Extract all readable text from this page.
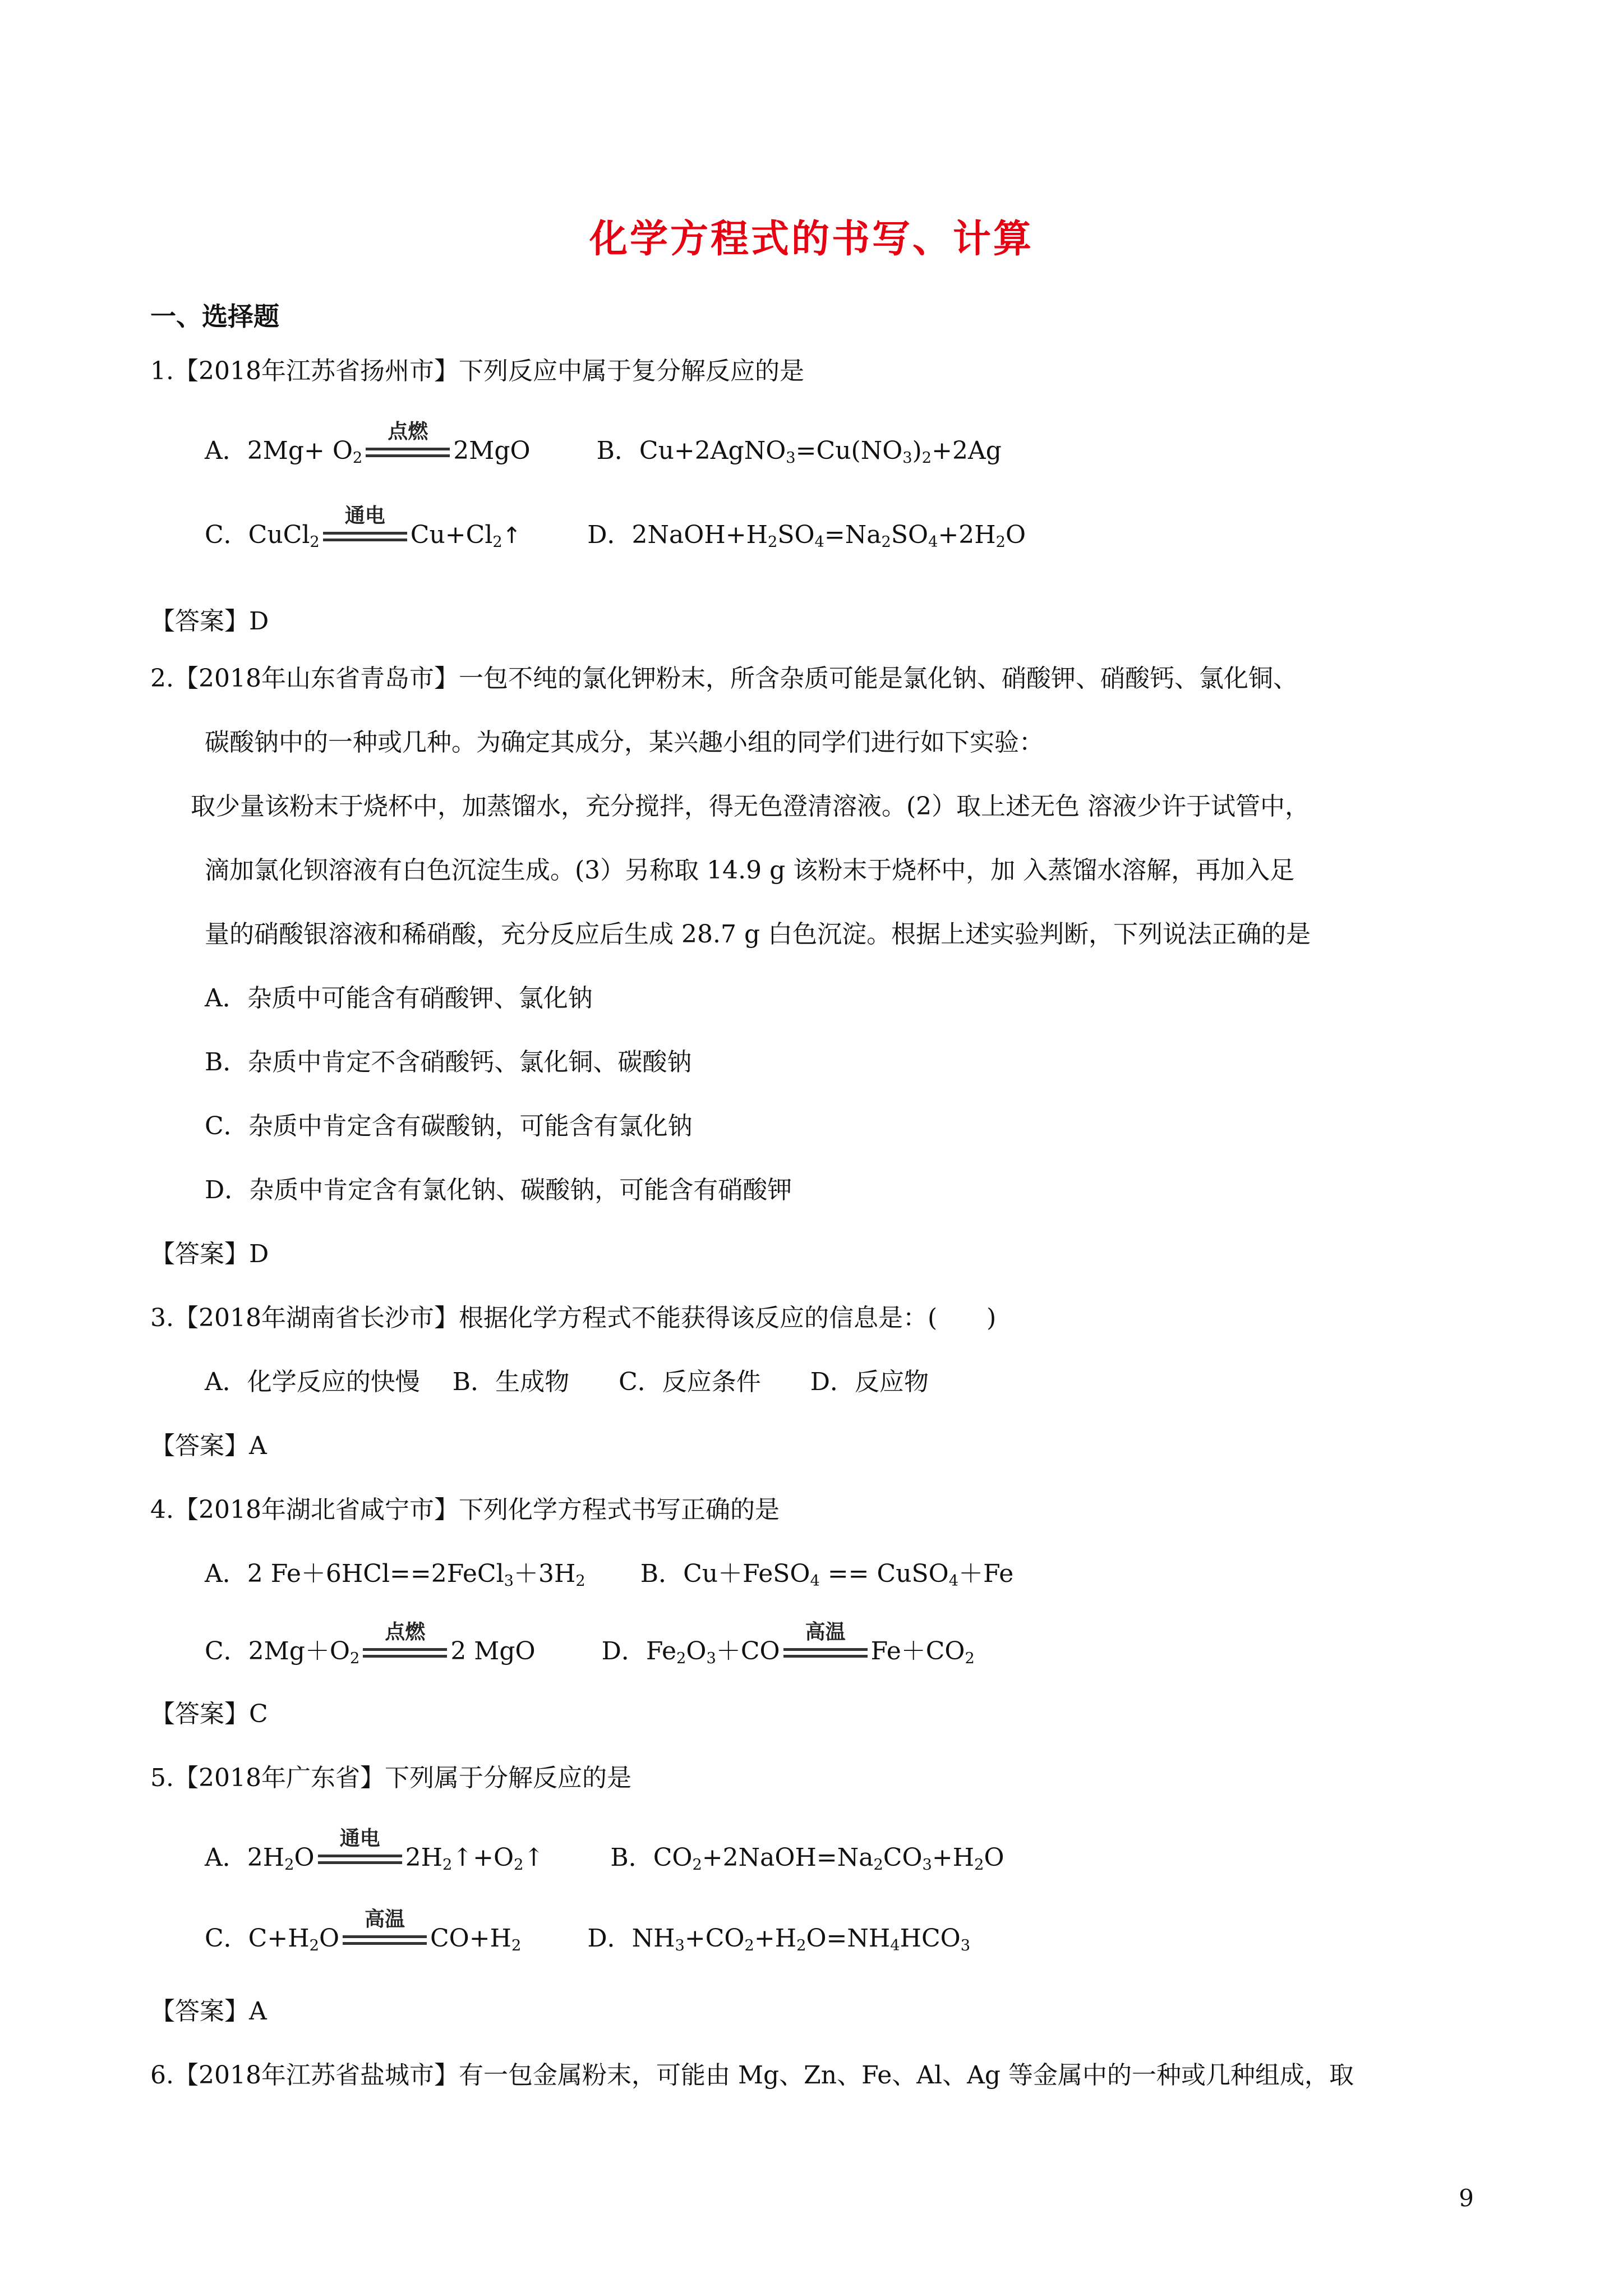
化学方程式的书写、计算
一、选择题
1.【2018年江苏省扬州市】下列反应中属于复分解反应的是
A．$2Mg+ O_2$
点燃
2MgO	B．$Cu+2AgNO_3=Cu(NO_3)_2+2Ag$
C．CuCl$_2$
通电
$Cu+Cl_2↑$	D．$2NaOH+H_2SO_4=Na_2SO_4+2H_2O$
【答案】D
2.【2018年山东省青岛市】一包不纯的氯化钾粉末，所含杂质可能是氯化钠、硝酸钾、硝酸钙、氯化铜、
碳酸钠中的一种或几种。为确定其成分，某兴趣小组的同学们进行如下实验：
取少量该粉末于烧杯中，加蒸馏水，充分搅拌，得无色澄清溶液。(2）取上述无色 溶液少许于试管中，
滴加氯化钡溶液有白色沉淀生成。(3）另称取 14.9 g 该粉末于烧杯中，加 入蒸馏水溶解，再加入足
量的硝酸银溶液和稀硝酸，充分反应后生成 28.7 g 白色沉淀。根据上述实验判断，下列说法正确的是
A．杂质中可能含有硝酸钾、氯化钠
B．杂质中肯定不含硝酸钙、氯化铜、碳酸钠
C．杂质中肯定含有碳酸钠，可能含有氯化钠
D．杂质中肯定含有氯化钠、碳酸钠，可能含有硝酸钾
【答案】D
3.【2018年湖南省长沙市】根据化学方程式不能获得该反应的信息是：(　　)
A．化学反应的快慢　 B．生成物　　C．反应条件　　D．反应物
【答案】A
4.【2018年湖北省咸宁市】下列化学方程式书写正确的是
A．2 $Fe+6HCl==2FeCl_3+3H_2$ B．Cu＋FeSO$_4$ == CuSO$_4$＋Fe
C．$2Mg+O_2$
点燃
2 MgO	D．$Fe_2O_3+CO$
高温
$Fe+CO_2$
【答案】C
5.【2018年广东省】下列属于分解反应的是
A．$2H_2O$
通电
$2H_2↑+O_2↑$	B．$CO_2+2NaOH=Na_2CO_3+H_2O$
C．$C+H_2O$
高温
$CO+H_2$	D．$NH_3+CO_2+H_2O=NH_4HCO_3$
【答案】A
6.【2018年江苏省盐城市】有一包金属粉末，可能由 Mg、Zn、Fe、Al、Ag 等金属中的一种或几种组成，取
9
